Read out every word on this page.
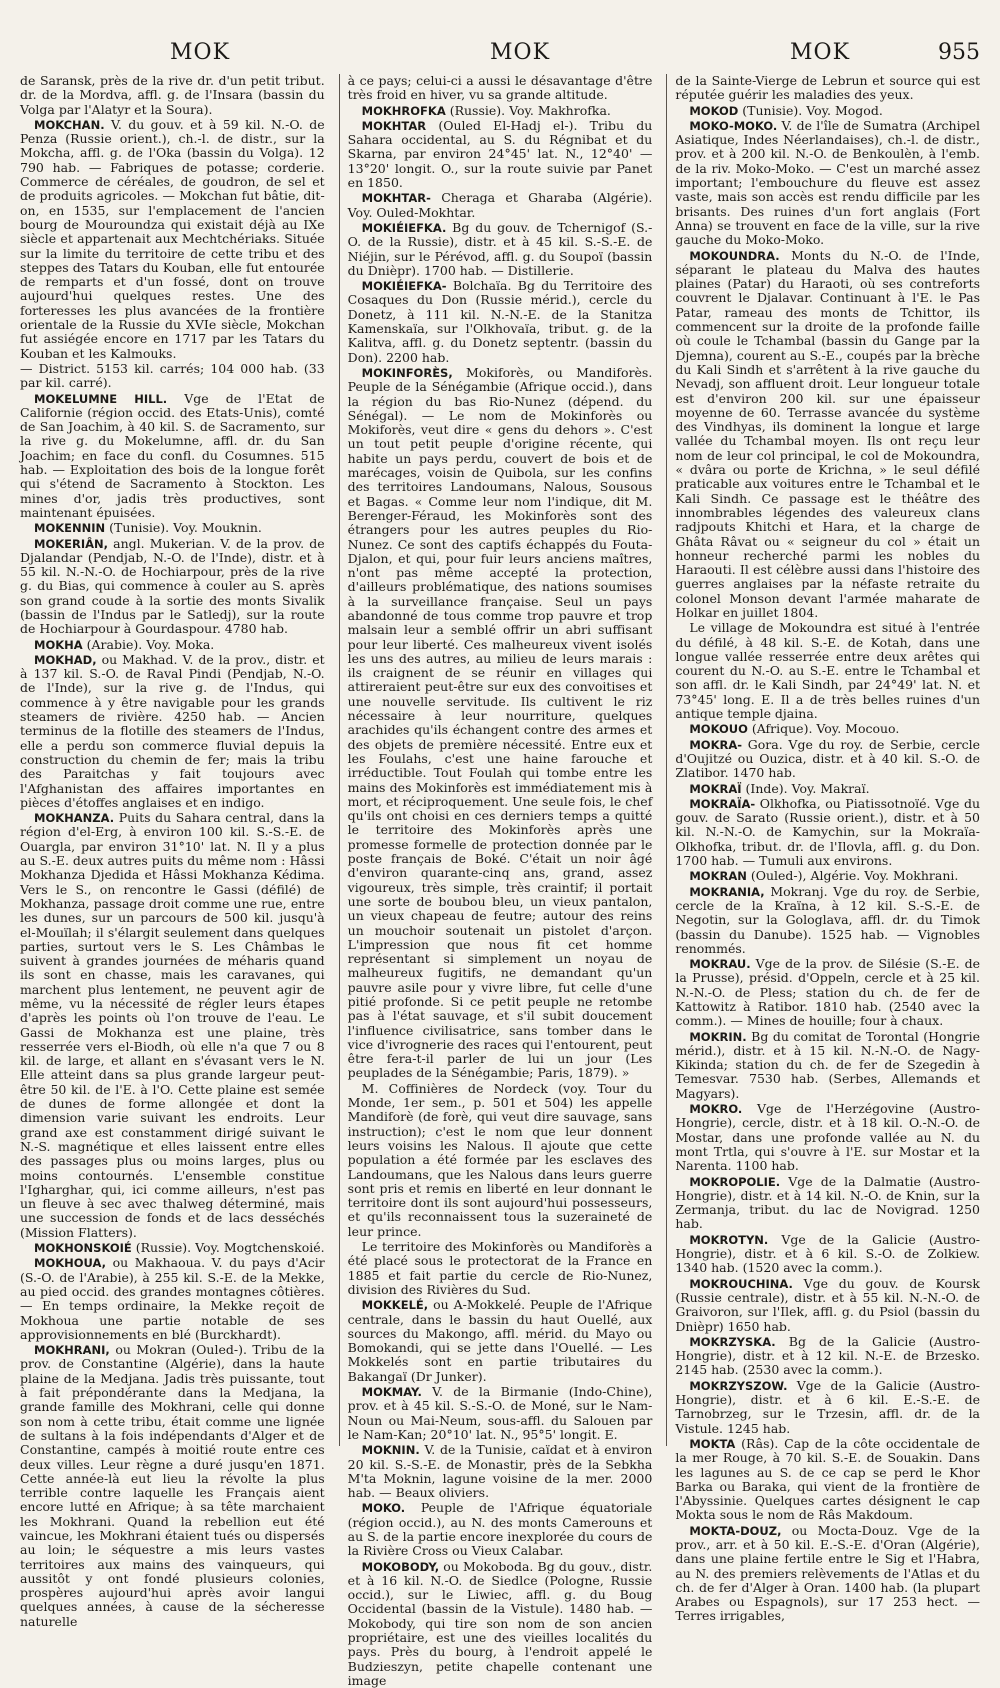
MOK	MOK	MOK	955

de Saransk, près de la rive dr. d'un petit tribut. dr. de la Mordva, affl. g. de l'Insara (bassin du Volga par l'Alatyr et la Soura).

MOKCHAN. V. du gouv. et à 59 kil. N.-O. de Penza (Russie orient.), ch.-l. de distr., sur la Mokcha, affl. g. de l'Oka (bassin du Volga). 12 790 hab. — Fabriques de potasse; corderie. Commerce de céréales, de goudron, de sel et de produits agricoles. — Mokchan fut bâtie, dit-on, en 1535, sur l'emplacement de l'ancien bourg de Mouroundza qui existait déjà au IXe siècle et appartenait aux Mechtchériaks. Située sur la limite du territoire de cette tribu et des steppes des Tatars du Kouban, elle fut entourée de remparts et d'un fossé, dont on trouve aujourd'hui quelques restes. Une des forteresses les plus avancées de la frontière orientale de la Russie du XVIe siècle, Mokchan fut assiégée encore en 1717 par les Tatars du Kouban et les Kalmouks.

— District. 5153 kil. carrés; 104 000 hab. (33 par kil. carré).

MOKELUMNE HILL. Vge de l'Etat de Californie (région occid. des Etats-Unis), comté de San Joachim, à 40 kil. S. de Sacramento, sur la rive g. du Mokelumne, affl. dr. du San Joachim; en face du confl. du Cosumnes. 515 hab. — Exploitation des bois de la longue forêt qui s'étend de Sacramento à Stockton. Les mines d'or, jadis très productives, sont maintenant épuisées.

MOKENNIN (Tunisie). Voy. Mouknin.

MOKERIÂN, angl. Mukerian. V. de la prov. de Djalandar (Pendjab, N.-O. de l'Inde), distr. et à 55 kil. N.-N.-O. de Hochiarpour, près de la rive g. du Bias, qui commence à couler au S. après son grand coude à la sortie des monts Sivalik (bassin de l'Indus par le Satledj), sur la route de Hochiarpour à Gourdaspour. 4780 hab.

MOKHA (Arabie). Voy. Moka.

MOKHAD, ou Makhad. V. de la prov., distr. et à 137 kil. S.-O. de Raval Pindi (Pendjab, N.-O. de l'Inde), sur la rive g. de l'Indus, qui commence à y être navigable pour les grands steamers de rivière. 4250 hab. — Ancien terminus de la flotille des steamers de l'Indus, elle a perdu son commerce fluvial depuis la construction du chemin de fer; mais la tribu des Paraitchas y fait toujours avec l'Afghanistan des affaires importantes en pièces d'étoffes anglaises et en indigo.

MOKHANZA. Puits du Sahara central, dans la région d'el-Erg, à environ 100 kil. S.-S.-E. de Ouargla, par environ 31°10' lat. N. Il y a plus au S.-E. deux autres puits du même nom : Hâssi Mokhanza Djedida et Hâssi Mokhanza Kédima. Vers le S., on rencontre le Gassi (défilé) de Mokhanza, passage droit comme une rue, entre les dunes, sur un parcours de 500 kil. jusqu'à el-Mouïlah; il s'élargit seulement dans quelques parties, surtout vers le S. Les Châmbas le suivent à grandes journées de méharis quand ils sont en chasse, mais les caravanes, qui marchent plus lentement, ne peuvent agir de même, vu la nécessité de régler leurs étapes d'après les points où l'on trouve de l'eau. Le Gassi de Mokhanza est une plaine, très resserrée vers el-Biodh, où elle n'a que 7 ou 8 kil. de large, et allant en s'évasant vers le N. Elle atteint dans sa plus grande largeur peut-être 50 kil. de l'E. à l'O. Cette plaine est semée de dunes de forme allongée et dont la dimension varie suivant les endroits. Leur grand axe est constamment dirigé suivant le N.-S. magnétique et elles laissent entre elles des passages plus ou moins larges, plus ou moins contournés. L'ensemble constitue l'Igharghar, qui, ici comme ailleurs, n'est pas un fleuve à sec avec thalweg déterminé, mais une succession de fonds et de lacs desséchés (Mission Flatters).

MOKHONSKOIÉ (Russie). Voy. Mogtchenskoié.

MOKHOUA, ou Makhaoua. V. du pays d'Acir (S.-O. de l'Arabie), à 255 kil. S.-E. de la Mekke, au pied occid. des grandes montagnes côtières. — En temps ordinaire, la Mekke reçoit de Mokhoua une partie notable de ses approvisionnements en blé (Burckhardt).

MOKHRANI, ou Mokran (Ouled-). Tribu de la prov. de Constantine (Algérie), dans la haute plaine de la Medjana. Jadis très puissante, tout à fait prépondérante dans la Medjana, la grande famille des Mokhrani, celle qui donne son nom à cette tribu, était comme une lignée de sultans à la fois indépendants d'Alger et de Constantine, campés à moitié route entre ces deux villes. Leur règne a duré jusqu'en 1871. Cette année-là eut lieu la révolte la plus terrible contre laquelle les Français aient encore lutté en Afrique; à sa tête marchaient les Mokhrani. Quand la rebellion eut été vaincue, les Mokhrani étaient tués ou dispersés au loin; le séquestre a mis leurs vastes territoires aux mains des vainqueurs, qui aussitôt y ont fondé plusieurs colonies, prospères aujourd'hui après avoir langui quelques années, à cause de la sécheresse naturelle

à ce pays; celui-ci a aussi le désavantage d'être très froid en hiver, vu sa grande altitude.

MOKHROFKA (Russie). Voy. Makhrofka.

MOKHTAR (Ouled El-Hadj el-). Tribu du Sahara occidental, au S. du Régnibat et du Skarna, par environ 24°45' lat. N., 12°40' — 13°20' longit. O., sur la route suivie par Panet en 1850.

MOKHTAR- Cheraga et Gharaba (Algérie). Voy. Ouled-Mokhtar.

MOKIÉIEFKA. Bg du gouv. de Tchernigof (S.-O. de la Russie), distr. et à 45 kil. S.-S.-E. de Niéjin, sur le Pérévod, affl. g. du Soupoï (bassin du Dnièpr). 1700 hab. — Distillerie.

MOKIÉIEFKA- Bolchaïa. Bg du Territoire des Cosaques du Don (Russie mérid.), cercle du Donetz, à 111 kil. N.-N.-E. de la Stanitza Kamenskaïa, sur l'Olkhovaïa, tribut. g. de la Kalitva, affl. g. du Donetz septentr. (bassin du Don). 2200 hab.

MOKINFORÈS, Mokiforès, ou Mandiforès. Peuple de la Sénégambie (Afrique occid.), dans la région du bas Rio-Nunez (dépend. du Sénégal). — Le nom de Mokinforès ou Mokiforès, veut dire « gens du dehors ». C'est un tout petit peuple d'origine récente, qui habite un pays perdu, couvert de bois et de marécages, voisin de Quibola, sur les confins des territoires Landoumans, Nalous, Sousous et Bagas. « Comme leur nom l'indique, dit M. Berenger-Féraud, les Mokinforès sont des étrangers pour les autres peuples du Rio-Nunez. Ce sont des captifs échappés du Fouta-Djalon, et qui, pour fuir leurs anciens maîtres, n'ont pas même accepté la protection, d'ailleurs problématique, des nations soumises à la surveillance française. Seul un pays abandonné de tous comme trop pauvre et trop malsain leur a semblé offrir un abri suffisant pour leur liberté. Ces malheureux vivent isolés les uns des autres, au milieu de leurs marais : ils craignent de se réunir en villages qui attireraient peut-être sur eux des convoitises et une nouvelle servitude. Ils cultivent le riz nécessaire à leur nourriture, quelques arachides qu'ils échangent contre des armes et des objets de première nécessité. Entre eux et les Foulahs, c'est une haine farouche et irréductible. Tout Foulah qui tombe entre les mains des Mokinforès est immédiatement mis à mort, et réciproquement. Une seule fois, le chef qu'ils ont choisi en ces derniers temps a quitté le territoire des Mokinforès après une promesse formelle de protection donnée par le poste français de Boké. C'était un noir âgé d'environ quarante-cinq ans, grand, assez vigoureux, très simple, très craintif; il portait une sorte de boubou bleu, un vieux pantalon, un vieux chapeau de feutre; autour des reins un mouchoir soutenait un pistolet d'arçon. L'impression que nous fit cet homme représentant si simplement un noyau de malheureux fugitifs, ne demandant qu'un pauvre asile pour y vivre libre, fut celle d'une pitié profonde. Si ce petit peuple ne retombe pas à l'état sauvage, et s'il subit doucement l'influence civilisatrice, sans tomber dans le vice d'ivrognerie des races qui l'entourent, peut être fera-t-il parler de lui un jour (Les peuplades de la Sénégambie; Paris, 1879). »

M. Coffinières de Nordeck (voy. Tour du Monde, 1er sem., p. 501 et 504) les appelle Mandiforè (de forè, qui veut dire sauvage, sans instruction); c'est le nom que leur donnent leurs voisins les Nalous. Il ajoute que cette population a été formée par les esclaves des Landoumans, que les Nalous dans leurs guerre sont pris et remis en liberté en leur donnant le territoire dont ils sont aujourd'hui possesseurs, et qu'ils reconnaissent tous la suzeraineté de leur prince.

Le territoire des Mokinforès ou Mandiforès a été placé sous le protectorat de la France en 1885 et fait partie du cercle de Rio-Nunez, division des Rivières du Sud.

MOKKELÉ, ou A-Mokkelé. Peuple de l'Afrique centrale, dans le bassin du haut Ouellé, aux sources du Makongo, affl. mérid. du Mayo ou Bomokandi, qui se jette dans l'Ouellé. — Les Mokkelés sont en partie tributaires du Bakangaï (Dr Junker).

MOKMAY. V. de la Birmanie (Indo-Chine), prov. et à 45 kil. S.-S.-O. de Moné, sur le Nam-Noun ou Mai-Neum, sous-affl. du Salouen par le Nam-Kan; 20°10' lat. N., 95°5' longit. E.

MOKNIN. V. de la Tunisie, caïdat et à environ 20 kil. S.-S.-E. de Monastir, près de la Sebkha M'ta Moknin, lagune voisine de la mer. 2000 hab. — Beaux oliviers.

MOKO. Peuple de l'Afrique équatoriale (région occid.), au N. des monts Camerouns et au S. de la partie encore inexplorée du cours de la Rivière Cross ou Vieux Calabar.

MOKOBODY, ou Mokoboda. Bg du gouv., distr. et à 16 kil. N.-O. de Siedlce (Pologne, Russie occid.), sur le Liwiec, affl. g. du Boug Occidental (bassin de la Vistule). 1480 hab. — Mokobody, qui tire son nom de son ancien propriétaire, est une des vieilles localités du pays. Près du bourg, à l'endroit appelé le Budzieszyn, petite chapelle contenant une image

de la Sainte-Vierge de Lebrun et source qui est réputée guérir les maladies des yeux.

MOKOD (Tunisie). Voy. Mogod.

MOKO-MOKO. V. de l'île de Sumatra (Archipel Asiatique, Indes Néerlandaises), ch.-l. de distr., prov. et à 200 kil. N.-O. de Benkoulèn, à l'emb. de la riv. Moko-Moko. — C'est un marché assez important; l'embouchure du fleuve est assez vaste, mais son accès est rendu difficile par les brisants. Des ruines d'un fort anglais (Fort Anna) se trouvent en face de la ville, sur la rive gauche du Moko-Moko.

MOKOUNDRA. Monts du N.-O. de l'Inde, séparant le plateau du Malva des hautes plaines (Patar) du Haraoti, où ses contreforts couvrent le Djalavar. Continuant à l'E. le Pas Patar, rameau des monts de Tchittor, ils commencent sur la droite de la profonde faille où coule le Tchambal (bassin du Gange par la Djemna), courent au S.-E., coupés par la brèche du Kali Sindh et s'arrêtent à la rive gauche du Nevadj, son affluent droit. Leur longueur totale est d'environ 200 kil. sur une épaisseur moyenne de 60. Terrasse avancée du système des Vindhyas, ils dominent la longue et large vallée du Tchambal moyen. Ils ont reçu leur nom de leur col principal, le col de Mokoundra, « dvâra ou porte de Krichna, » le seul défilé praticable aux voitures entre le Tchambal et le Kali Sindh. Ce passage est le théâtre des innombrables légendes des valeureux clans radjpouts Khitchi et Hara, et la charge de Ghâta Râvat ou « seigneur du col » était un honneur recherché parmi les nobles du Haraouti. Il est célèbre aussi dans l'histoire des guerres anglaises par la néfaste retraite du colonel Monson devant l'armée maharate de Holkar en juillet 1804.

Le village de Mokoundra est situé à l'entrée du défilé, à 48 kil. S.-E. de Kotah, dans une longue vallée resserrée entre deux arêtes qui courent du N.-O. au S.-E. entre le Tchambal et son affl. dr. le Kali Sindh, par 24°49' lat. N. et 73°45' long. E. Il a de très belles ruines d'un antique temple djaina.

MOKOUO (Afrique). Voy. Mocouo.

MOKRA- Gora. Vge du roy. de Serbie, cercle d'Oujitzé ou Ouzica, distr. et à 40 kil. S.-O. de Zlatibor. 1470 hab.

MOKRAÏ (Inde). Voy. Makraï.

MOKRAÏA- Olkhofka, ou Piatissotnoïé. Vge du gouv. de Sarato (Russie orient.), distr. et à 50 kil. N.-N.-O. de Kamychin, sur la Mokraïa-Olkhofka, tribut. dr. de l'Ilovla, affl. g. du Don. 1700 hab. — Tumuli aux environs.

MOKRAN (Ouled-), Algérie. Voy. Mokhrani.

MOKRANIA, Mokranj. Vge du roy. de Serbie, cercle de la Kraïna, à 12 kil. S.-S.-E. de Negotin, sur la Gologlava, affl. dr. du Timok (bassin du Danube). 1525 hab. — Vignobles renommés.

MOKRAU. Vge de la prov. de Silésie (S.-E. de la Prusse), présid. d'Oppeln, cercle et à 25 kil. N.-N.-O. de Pless; station du ch. de fer de Kattowitz à Ratibor. 1810 hab. (2540 avec la comm.). — Mines de houille; four à chaux.

MOKRIN. Bg du comitat de Torontal (Hongrie mérid.), distr. et à 15 kil. N.-N.-O. de Nagy-Kikinda; station du ch. de fer de Szegedin à Temesvar. 7530 hab. (Serbes, Allemands et Magyars).

MOKRO. Vge de l'Herzégovine (Austro-Hongrie), cercle, distr. et à 18 kil. O.-N.-O. de Mostar, dans une profonde vallée au N. du mont Trtla, qui s'ouvre à l'E. sur Mostar et la Narenta. 1100 hab.

MOKROPOLIE. Vge de la Dalmatie (Austro-Hongrie), distr. et à 14 kil. N.-O. de Knin, sur la Zermanja, tribut. du lac de Novigrad. 1250 hab.

MOKROTYN. Vge de la Galicie (Austro-Hongrie), distr. et à 6 kil. S.-O. de Zolkiew. 1340 hab. (1520 avec la comm.).

MOKROUCHINA. Vge du gouv. de Koursk (Russie centrale), distr. et à 55 kil. N.-N.-O. de Graivoron, sur l'Ilek, affl. g. du Psiol (bassin du Dnièpr) 1650 hab.

MOKRZYSKA. Bg de la Galicie (Austro-Hongrie), distr. et à 12 kil. N.-E. de Brzesko. 2145 hab. (2530 avec la comm.).

MOKRZYSZOW. Vge de la Galicie (Austro-Hongrie), distr. et à 6 kil. E.-S.-E. de Tarnobrzeg, sur le Trzesin, affl. dr. de la Vistule. 1245 hab.

MOKTA (Râs). Cap de la côte occidentale de la mer Rouge, à 70 kil. S.-E. de Souakin. Dans les lagunes au S. de ce cap se perd le Khor Barka ou Baraka, qui vient de la frontière de l'Abyssinie. Quelques cartes désignent le cap Mokta sous le nom de Râs Makdoum.

MOKTA-DOUZ, ou Mocta-Douz. Vge de la prov., arr. et à 50 kil. E.-S.-E. d'Oran (Algérie), dans une plaine fertile entre le Sig et l'Habra, au N. des premiers relèvements de l'Atlas et du ch. de fer d'Alger à Oran. 1400 hab. (la plupart Arabes ou Espagnols), sur 17 253 hect. — Terres irrigables,
